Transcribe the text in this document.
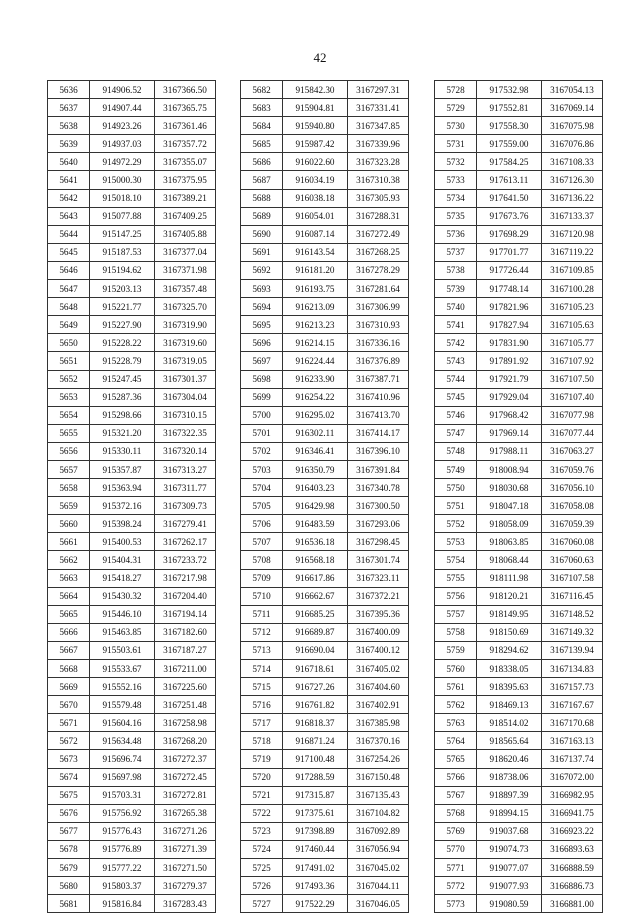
42
5636	914906.52	3167366.50
5637	914907.44	3167365.75
5638	914923.26	3167361.46
5639	914937.03	3167357.72
5640	914972.29	3167355.07
5641	915000.30	3167375.95
5642	915018.10	3167389.21
5643	915077.88	3167409.25
5644	915147.25	3167405.88
5645	915187.53	3167377.04
5646	915194.62	3167371.98
5647	915203.13	3167357.48
5648	915221.77	3167325.70
5649	915227.90	3167319.90
5650	915228.22	3167319.60
5651	915228.79	3167319.05
5652	915247.45	3167301.37
5653	915287.36	3167304.04
5654	915298.66	3167310.15
5655	915321.20	3167322.35
5656	915330.11	3167320.14
5657	915357.87	3167313.27
5658	915363.94	3167311.77
5659	915372.16	3167309.73
5660	915398.24	3167279.41
5661	915400.53	3167262.17
5662	915404.31	3167233.72
5663	915418.27	3167217.98
5664	915430.32	3167204.40
5665	915446.10	3167194.14
5666	915463.85	3167182.60
5667	915503.61	3167187.27
5668	915533.67	3167211.00
5669	915552.16	3167225.60
5670	915579.48	3167251.48
5671	915604.16	3167258.98
5672	915634.48	3167268.20
5673	915696.74	3167272.37
5674	915697.98	3167272.45
5675	915703.31	3167272.81
5676	915756.92	3167265.38
5677	915776.43	3167271.26
5678	915776.89	3167271.39
5679	915777.22	3167271.50
5680	915803.37	3167279.37
5681	915816.84	3167283.43
5682	915842.30	3167297.31
5683	915904.81	3167331.41
5684	915940.80	3167347.85
5685	915987.42	3167339.96
5686	916022.60	3167323.28
5687	916034.19	3167310.38
5688	916038.18	3167305.93
5689	916054.01	3167288.31
5690	916087.14	3167272.49
5691	916143.54	3167268.25
5692	916181.20	3167278.29
5693	916193.75	3167281.64
5694	916213.09	3167306.99
5695	916213.23	3167310.93
5696	916214.15	3167336.16
5697	916224.44	3167376.89
5698	916233.90	3167387.71
5699	916254.22	3167410.96
5700	916295.02	3167413.70
5701	916302.11	3167414.17
5702	916346.41	3167396.10
5703	916350.79	3167391.84
5704	916403.23	3167340.78
5705	916429.98	3167300.50
5706	916483.59	3167293.06
5707	916536.18	3167298.45
5708	916568.18	3167301.74
5709	916617.86	3167323.11
5710	916662.67	3167372.21
5711	916685.25	3167395.36
5712	916689.87	3167400.09
5713	916690.04	3167400.12
5714	916718.61	3167405.02
5715	916727.26	3167404.60
5716	916761.82	3167402.91
5717	916818.37	3167385.98
5718	916871.24	3167370.16
5719	917100.48	3167254.26
5720	917288.59	3167150.48
5721	917315.87	3167135.43
5722	917375.61	3167104.82
5723	917398.89	3167092.89
5724	917460.44	3167056.94
5725	917491.02	3167045.02
5726	917493.36	3167044.11
5727	917522.29	3167046.05
5728	917532.98	3167054.13
5729	917552.81	3167069.14
5730	917558.30	3167075.98
5731	917559.00	3167076.86
5732	917584.25	3167108.33
5733	917613.11	3167126.30
5734	917641.50	3167136.22
5735	917673.76	3167133.37
5736	917698.29	3167120.98
5737	917701.77	3167119.22
5738	917726.44	3167109.85
5739	917748.14	3167100.28
5740	917821.96	3167105.23
5741	917827.94	3167105.63
5742	917831.90	3167105.77
5743	917891.92	3167107.92
5744	917921.79	3167107.50
5745	917929.04	3167107.40
5746	917968.42	3167077.98
5747	917969.14	3167077.44
5748	917988.11	3167063.27
5749	918008.94	3167059.76
5750	918030.68	3167056.10
5751	918047.18	3167058.08
5752	918058.09	3167059.39
5753	918063.85	3167060.08
5754	918068.44	3167060.63
5755	918111.98	3167107.58
5756	918120.21	3167116.45
5757	918149.95	3167148.52
5758	918150.69	3167149.32
5759	918294.62	3167139.94
5760	918338.05	3167134.83
5761	918395.63	3167157.73
5762	918469.13	3167167.67
5763	918514.02	3167170.68
5764	918565.64	3167163.13
5765	918620.46	3167137.74
5766	918738.06	3167072.00
5767	918897.39	3166982.95
5768	918994.15	3166941.75
5769	919037.68	3166923.22
5770	919074.73	3166893.63
5771	919077.07	3166888.59
5772	919077.93	3166886.73
5773	919080.59	3166881.00
